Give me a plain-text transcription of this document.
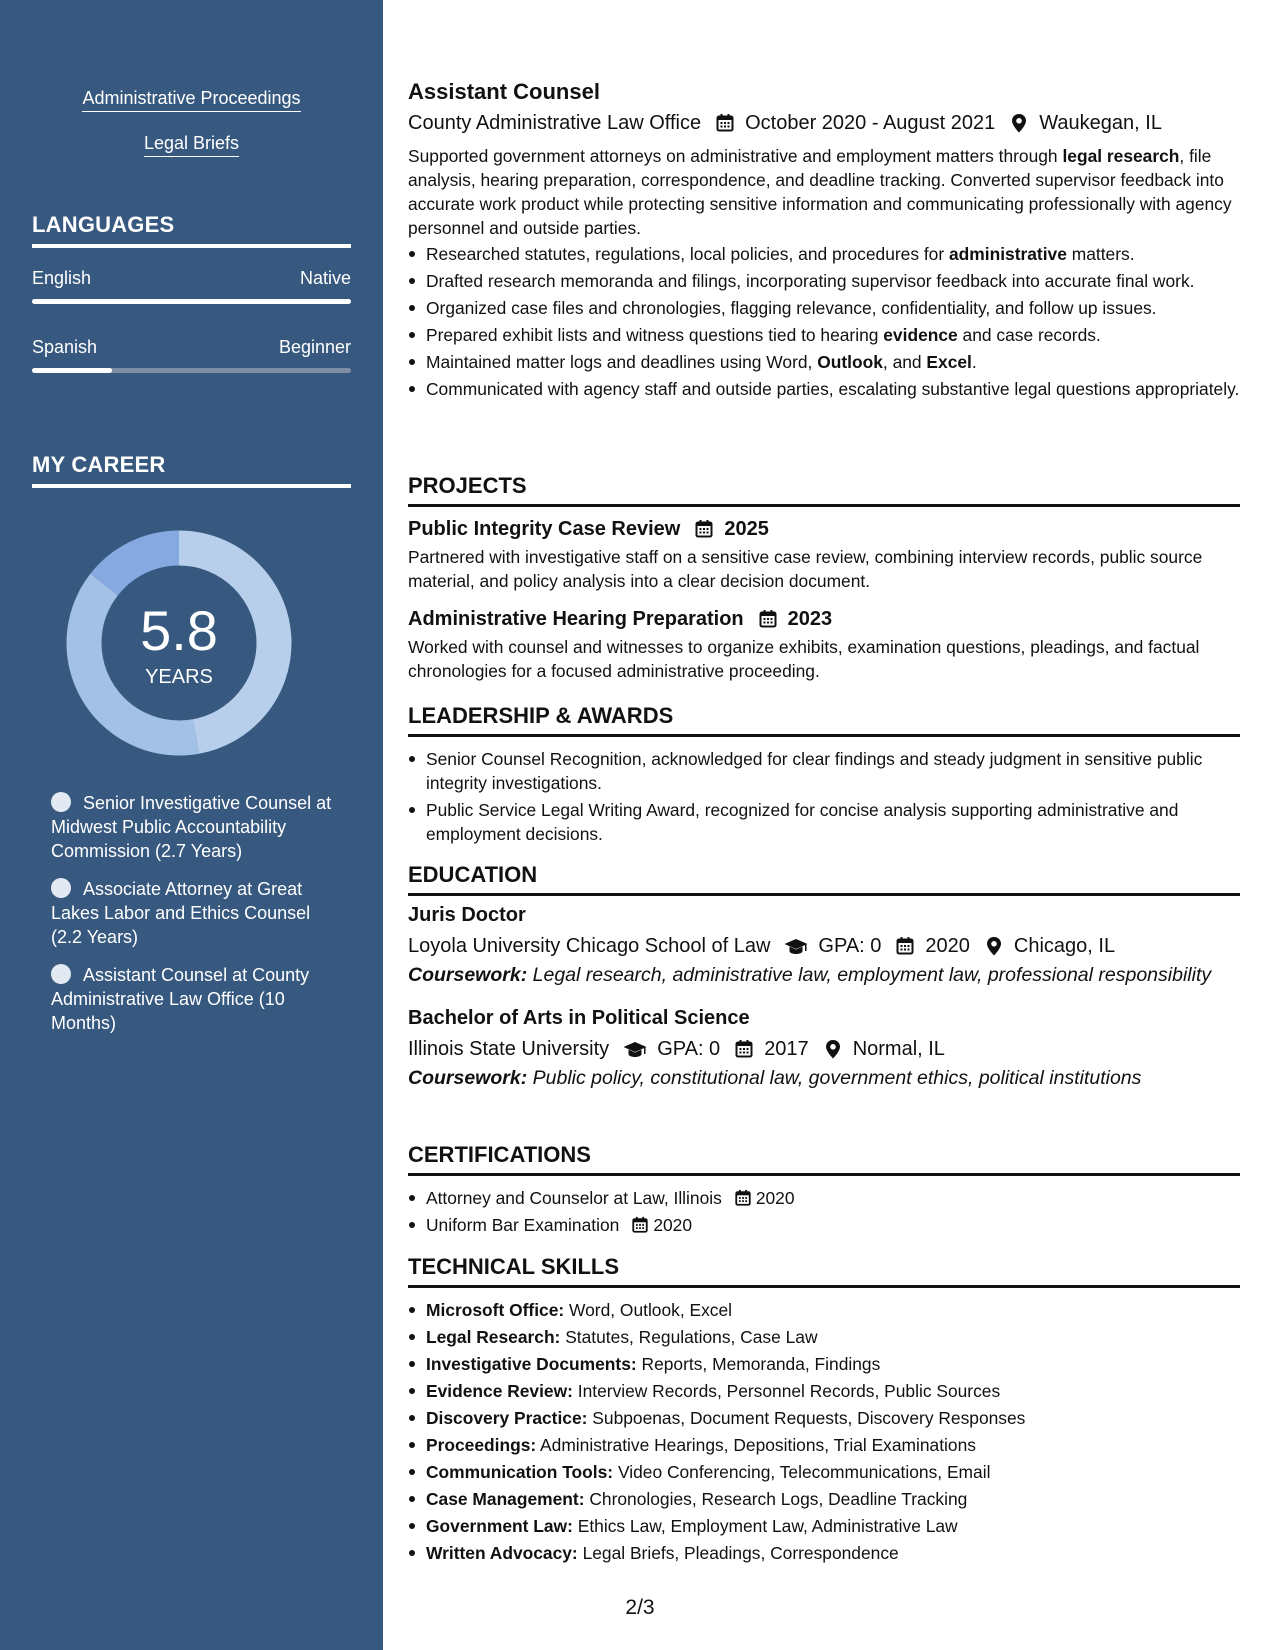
Administrative Proceedings
Legal Briefs
LANGUAGES
English	Native
Spanish	Beginner
MY CAREER
5.8
YEARS
Senior Investigative Counsel at Midwest Public Accountability Commission (2.7 Years)
Associate Attorney at Great Lakes Labor and Ethics Counsel (2.2 Years)
Assistant Counsel at County Administrative Law Office (10 Months)
Assistant Counsel
County Administrative Law Office October 2020 - August 2021 Waukegan, IL
Supported government attorneys on administrative and employment matters through legal research, file analysis, hearing preparation, correspondence, and deadline tracking. Converted supervisor feedback into accurate work product while protecting sensitive information and communicating professionally with agency personnel and outside parties.
Researched statutes, regulations, local policies, and procedures for administrative matters.
Drafted research memoranda and filings, incorporating supervisor feedback into accurate final work.
Organized case files and chronologies, flagging relevance, confidentiality, and follow up issues.
Prepared exhibit lists and witness questions tied to hearing evidence and case records.
Maintained matter logs and deadlines using Word, Outlook, and Excel.
Communicated with agency staff and outside parties, escalating substantive legal questions appropriately.
PROJECTS
Public Integrity Case Review 2025
Partnered with investigative staff on a sensitive case review, combining interview records, public source material, and policy analysis into a clear decision document.
Administrative Hearing Preparation 2023
Worked with counsel and witnesses to organize exhibits, examination questions, pleadings, and factual chronologies for a focused administrative proceeding.
LEADERSHIP & AWARDS
Senior Counsel Recognition, acknowledged for clear findings and steady judgment in sensitive public integrity investigations.
Public Service Legal Writing Award, recognized for concise analysis supporting administrative and employment decisions.
EDUCATION
Juris Doctor
Loyola University Chicago School of Law GPA: 0 2020 Chicago, IL
Coursework: Legal research, administrative law, employment law, professional responsibility
Bachelor of Arts in Political Science
Illinois State University GPA: 0 2017 Normal, IL
Coursework: Public policy, constitutional law, government ethics, political institutions
CERTIFICATIONS
Attorney and Counselor at Law, Illinois 2020
Uniform Bar Examination 2020
TECHNICAL SKILLS
Microsoft Office: Word, Outlook, Excel
Legal Research: Statutes, Regulations, Case Law
Investigative Documents: Reports, Memoranda, Findings
Evidence Review: Interview Records, Personnel Records, Public Sources
Discovery Practice: Subpoenas, Document Requests, Discovery Responses
Proceedings: Administrative Hearings, Depositions, Trial Examinations
Communication Tools: Video Conferencing, Telecommunications, Email
Case Management: Chronologies, Research Logs, Deadline Tracking
Government Law: Ethics Law, Employment Law, Administrative Law
Written Advocacy: Legal Briefs, Pleadings, Correspondence
2/3
